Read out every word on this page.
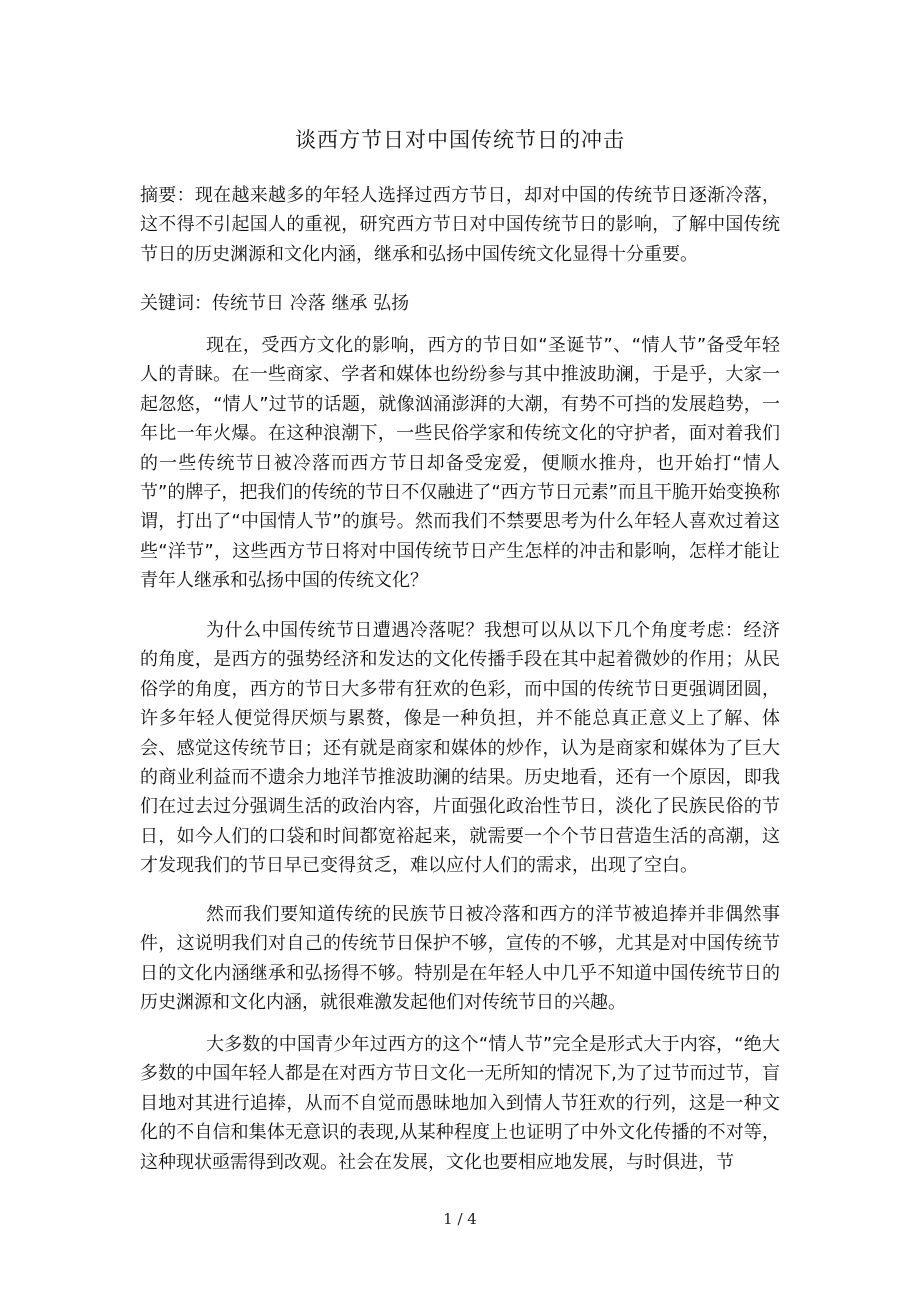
谈西方节日对中国传统节日的冲击

摘要：现在越来越多的年轻人选择过西方节日，却对中国的传统节日逐渐冷落，这不得不引起国人的重视，研究西方节日对中国传统节日的影响，了解中国传统节日的历史渊源和文化内涵，继承和弘扬中国传统文化显得十分重要。

关键词：传统节日 冷落 继承 弘扬

现在，受西方文化的影响，西方的节日如“圣诞节”、“情人节”备受年轻人的青睐。在一些商家、学者和媒体也纷纷参与其中推波助澜，于是乎，大家一起忽悠，“情人”过节的话题，就像汹涌澎湃的大潮，有势不可挡的发展趋势，一年比一年火爆。在这种浪潮下，一些民俗学家和传统文化的守护者，面对着我们的一些传统节日被冷落而西方节日却备受宠爱，便顺水推舟，也开始打“情人节”的牌子，把我们的传统的节日不仅融进了“西方节日元素”而且干脆开始变换称谓，打出了“中国情人节”的旗号。然而我们不禁要思考为什么年轻人喜欢过着这些“洋节”，这些西方节日将对中国传统节日产生怎样的冲击和影响，怎样才能让青年人继承和弘扬中国的传统文化？

为什么中国传统节日遭遇冷落呢？我想可以从以下几个角度考虑：经济的角度，是西方的强势经济和发达的文化传播手段在其中起着微妙的作用；从民俗学的角度，西方的节日大多带有狂欢的色彩，而中国的传统节日更强调团圆，许多年轻人便觉得厌烦与累赘，像是一种负担，并不能总真正意义上了解、体会、感觉这传统节日；还有就是商家和媒体的炒作，认为是商家和媒体为了巨大的商业利益而不遗余力地洋节推波助澜的结果。历史地看，还有一个原因，即我们在过去过分强调生活的政治内容，片面强化政治性节日，淡化了民族民俗的节日，如今人们的口袋和时间都宽裕起来，就需要一个个节日营造生活的高潮，这才发现我们的节日早已变得贫乏，难以应付人们的需求，出现了空白。

然而我们要知道传统的民族节日被冷落和西方的洋节被追捧并非偶然事件，这说明我们对自己的传统节日保护不够，宣传的不够，尤其是对中国传统节日的文化内涵继承和弘扬得不够。特别是在年轻人中几乎不知道中国传统节日的历史渊源和文化内涵，就很难激发起他们对传统节日的兴趣。

大多数的中国青少年过西方的这个“情人节”完全是形式大于内容，“绝大多数的中国年轻人都是在对西方节日文化一无所知的情况下,为了过节而过节，盲目地对其进行追捧，从而不自觉而愚昧地加入到情人节狂欢的行列，这是一种文化的不自信和集体无意识的表现,从某种程度上也证明了中外文化传播的不对等，这种现状亟需得到改观。社会在发展，文化也要相应地发展，与时俱进，节

1 / 4
